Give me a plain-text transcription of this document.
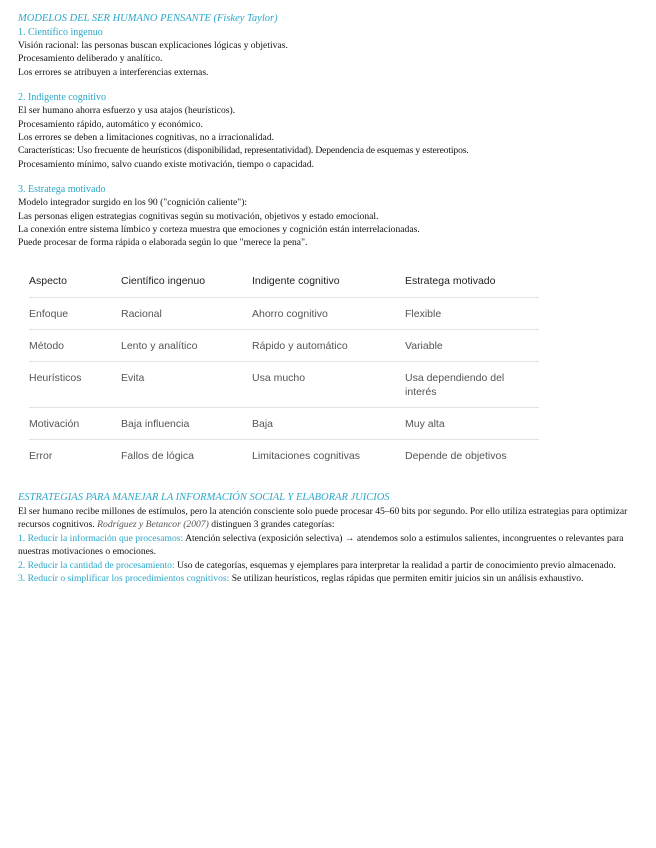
MODELOS DEL SER HUMANO PENSANTE (Fiskey Taylor)

1. Científico ingenuo

Visión racional: las personas buscan explicaciones lógicas y objetivas.

Procesamiento deliberado y analítico.

Los errores se atribuyen a interferencias externas.

2. Indigente cognitivo

El ser humano ahorra esfuerzo y usa atajos (heurísticos).

Procesamiento rápido, automático y económico.

Los errores se deben a limitaciones cognitivas, no a irracionalidad.

Características: Uso frecuente de heurísticos (disponibilidad, representatividad). Dependencia de esquemas y estereotipos.

Procesamiento mínimo, salvo cuando existe motivación, tiempo o capacidad.

3. Estratega motivado

Modelo integrador surgido en los 90 ("cognición caliente"):

Las personas eligen estrategias cognitivas según su motivación, objetivos y estado emocional.

La conexión entre sistema límbico y corteza muestra que emociones y cognición están interrelacionadas.

Puede procesar de forma rápida o elaborada según lo que "merece la pena".

Aspecto	Científico ingenuo	Indigente cognitivo	Estratega motivado
Enfoque	Racional	Ahorro cognitivo	Flexible
Método	Lento y analítico	Rápido y automático	Variable
Heurísticos	Evita	Usa mucho	Usa dependiendo del interés
Motivación	Baja influencia	Baja	Muy alta
Error	Fallos de lógica	Limitaciones cognitivas	Depende de objetivos

ESTRATEGIAS PARA MANEJAR LA INFORMACIÓN SOCIAL Y ELABORAR JUICIOS

El ser humano recibe millones de estímulos, pero la atención consciente solo puede procesar 45–60 bits por segundo. Por ello utiliza estrategias para optimizar recursos cognitivos. Rodríguez y Betancor (2007) distinguen 3 grandes categorías:

1. Reducir la información que procesamos: Atención selectiva (exposición selectiva) → atendemos solo a estímulos salientes, incongruentes o relevantes para nuestras motivaciones o emociones.

2. Reducir la cantidad de procesamiento: Uso de categorías, esquemas y ejemplares para interpretar la realidad a partir de conocimiento previo almacenado.

3. Reducir o simplificar los procedimientos cognitivos: Se utilizan heurísticos, reglas rápidas que permiten emitir juicios sin un análisis exhaustivo.
